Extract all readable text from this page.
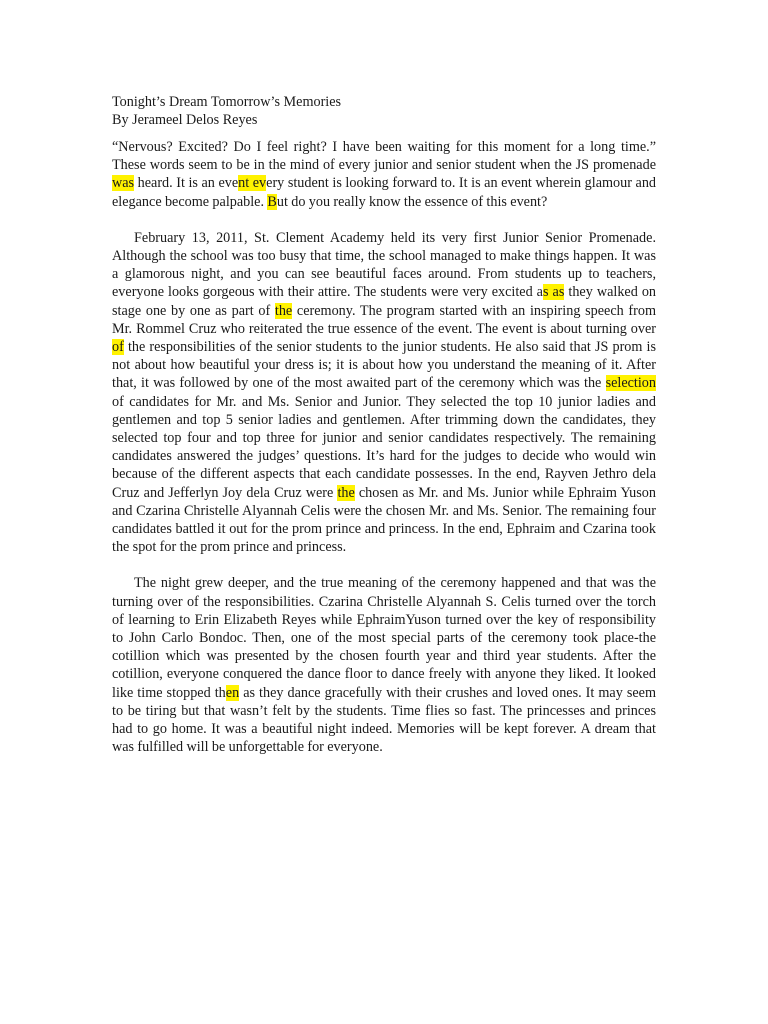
Tonight’s Dream Tomorrow’s Memories
By Jerameel Delos Reyes

“Nervous? Excited? Do I feel right? I have been waiting for this moment for a long time.” These words seem to be in the mind of every junior and senior student when the JS promenade was heard. It is an event every student is looking forward to. It is an event wherein glamour and elegance become palpable. But do you really know the essence of this event?

February 13, 2011, St. Clement Academy held its very first Junior Senior Promenade. Although the school was too busy that time, the school managed to make things happen. It was a glamorous night, and you can see beautiful faces around. From students up to teachers, everyone looks gorgeous with their attire. The students were very excited as as they walked on stage one by one as part of the ceremony. The program started with an inspiring speech from Mr. Rommel Cruz who reiterated the true essence of the event. The event is about turning over of the responsibilities of the senior students to the junior students. He also said that JS prom is not about how beautiful your dress is; it is about how you understand the meaning of it. After that, it was followed by one of the most awaited part of the ceremony which was the selection of candidates for Mr. and Ms. Senior and Junior. They selected the top 10 junior ladies and gentlemen and top 5 senior ladies and gentlemen. After trimming down the candidates, they selected top four and top three for junior and senior candidates respectively. The remaining candidates answered the judges’ questions. It’s hard for the judges to decide who would win because of the different aspects that each candidate possesses. In the end, Rayven Jethro dela Cruz and Jefferlyn Joy dela Cruz were the chosen as Mr. and Ms. Junior while Ephraim Yuson and Czarina Christelle Alyannah Celis were the chosen Mr. and Ms. Senior. The remaining four candidates battled it out for the prom prince and princess. In the end, Ephraim and Czarina took the spot for the prom prince and princess.

The night grew deeper, and the true meaning of the ceremony happened and that was the turning over of the responsibilities. Czarina Christelle Alyannah S. Celis turned over the torch of learning to Erin Elizabeth Reyes while EphraimYuson turned over the key of responsibility to John Carlo Bondoc. Then, one of the most special parts of the ceremony took place-the cotillion which was presented by the chosen fourth year and third year students. After the cotillion, everyone conquered the dance floor to dance freely with anyone they liked. It looked like time stopped then as they dance gracefully with their crushes and loved ones. It may seem to be tiring but that wasn’t felt by the students. Time flies so fast. The princesses and princes had to go home. It was a beautiful night indeed. Memories will be kept forever. A dream that was fulfilled will be unforgettable for everyone.
